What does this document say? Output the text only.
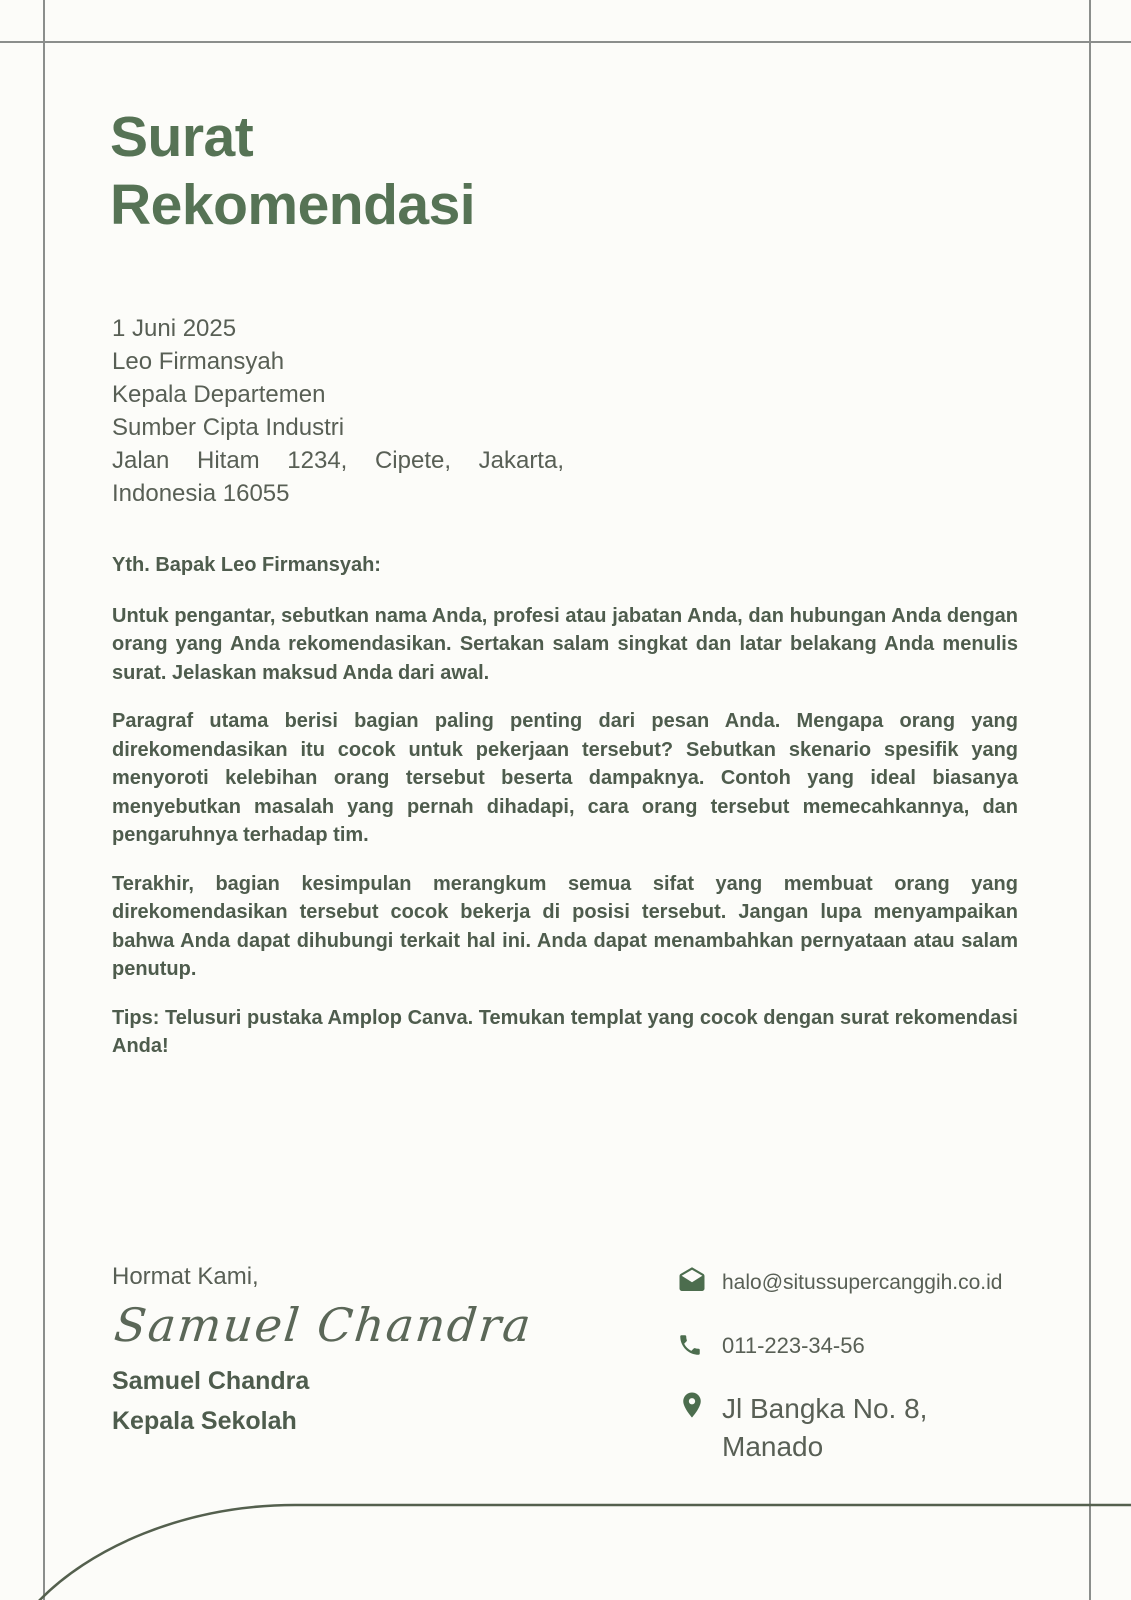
Surat
Rekomendasi
1 Juni 2025
Leo Firmansyah
Kepala Departemen
Sumber Cipta Industri
Jalan Hitam 1234, Cipete, Jakarta, Indonesia 16055
Yth. Bapak Leo Firmansyah:

Untuk pengantar, sebutkan nama Anda, profesi atau jabatan Anda, dan hubungan Anda dengan orang yang Anda rekomendasikan. Sertakan salam singkat dan latar belakang Anda menulis surat. Jelaskan maksud Anda dari awal.

Paragraf utama berisi bagian paling penting dari pesan Anda. Mengapa orang yang direkomendasikan itu cocok untuk pekerjaan tersebut? Sebutkan skenario spesifik yang menyoroti kelebihan orang tersebut beserta dampaknya. Contoh yang ideal biasanya menyebutkan masalah yang pernah dihadapi, cara orang tersebut memecahkannya, dan pengaruhnya terhadap tim.

Terakhir, bagian kesimpulan merangkum semua sifat yang membuat orang yang direkomendasikan tersebut cocok bekerja di posisi tersebut. Jangan lupa menyampaikan bahwa Anda dapat dihubungi terkait hal ini. Anda dapat menambahkan pernyataan atau salam penutup.

Tips: Telusuri pustaka Amplop Canva. Temukan templat yang cocok dengan surat rekomendasi Anda!

Hormat Kami,
Samuel Chandra
Samuel Chandra
Kepala Sekolah
halo@situssupercanggih.co.id
011-223-34-56
Jl Bangka No. 8, Manado
